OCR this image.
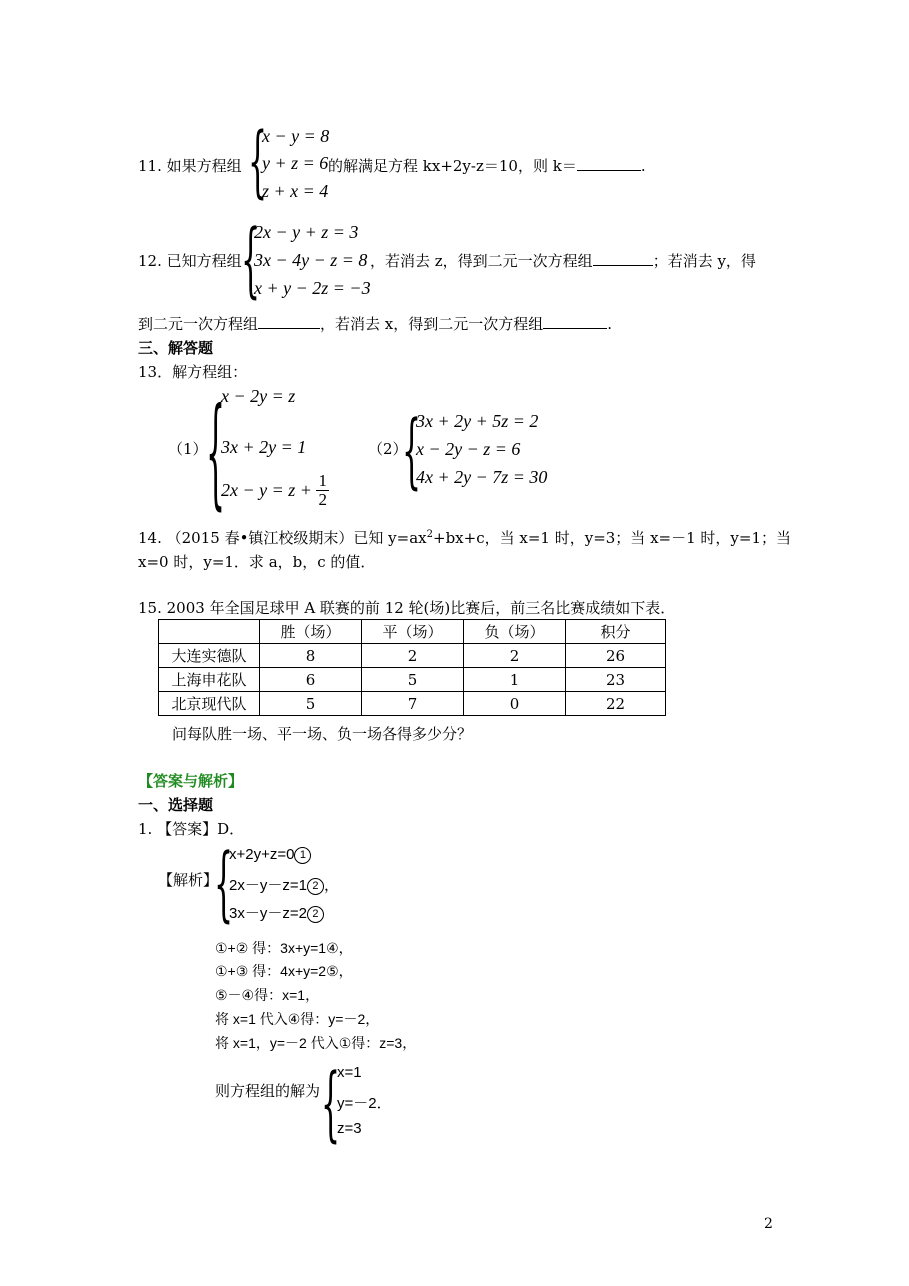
{
x − y = 8
y + z = 6
z + x = 4
11. 如果方程组	的解满足方程 kx+2y-z＝10，则 k＝	.
{
2x − y + z = 3
3x − 4y − z = 8
x + y − 2z = −3
12. 已知方程组	，若消去 z，得到二元一次方程组	；若消去 y，得
到二元一次方程组	，若消去 x，得到二元一次方程组	.
三、解答题
13．解方程组：
（1）
{
x − 2y = z
3x + 2y = 1
$2x - y = z + \frac{1}{2}$
（2）
{
3x + 2y + 5z = 2
x − 2y − z = 6
4x + 2y − 7z = 30
14. （2015 春•镇江校级期末）已知 $y=ax^2+bx+c$，当 x=1 时，y=3；当 x=－1 时，y=1；当
x=0 时，y=1．求 a，b，c 的值．
15. 2003 年全国足球甲 A 联赛的前 12 轮(场)比赛后，前三名比赛成绩如下表．
	胜（场）	平（场）	负（场）	积分
大连实德队	8	2	2	26
上海申花队	6	5	1	23
北京现代队	5	7	0	22
问每队胜一场、平一场、负一场各得多少分？
【答案与解析】
一、选择题
1. 【答案】D．
【解析】
{
x+2y+z=0 1
2x－y－z=1 2 ，
3x－y－z=2 2
①+② 得：3x+y=1④，
①+③ 得：4x+y=2⑤，
⑤－④得：x=1，
将 x=1 代入④得：y=－2，
将 x=1，y=－2 代入①得：z=3，
则方程组的解为 {
x=1
y=－2．
z=3
2
